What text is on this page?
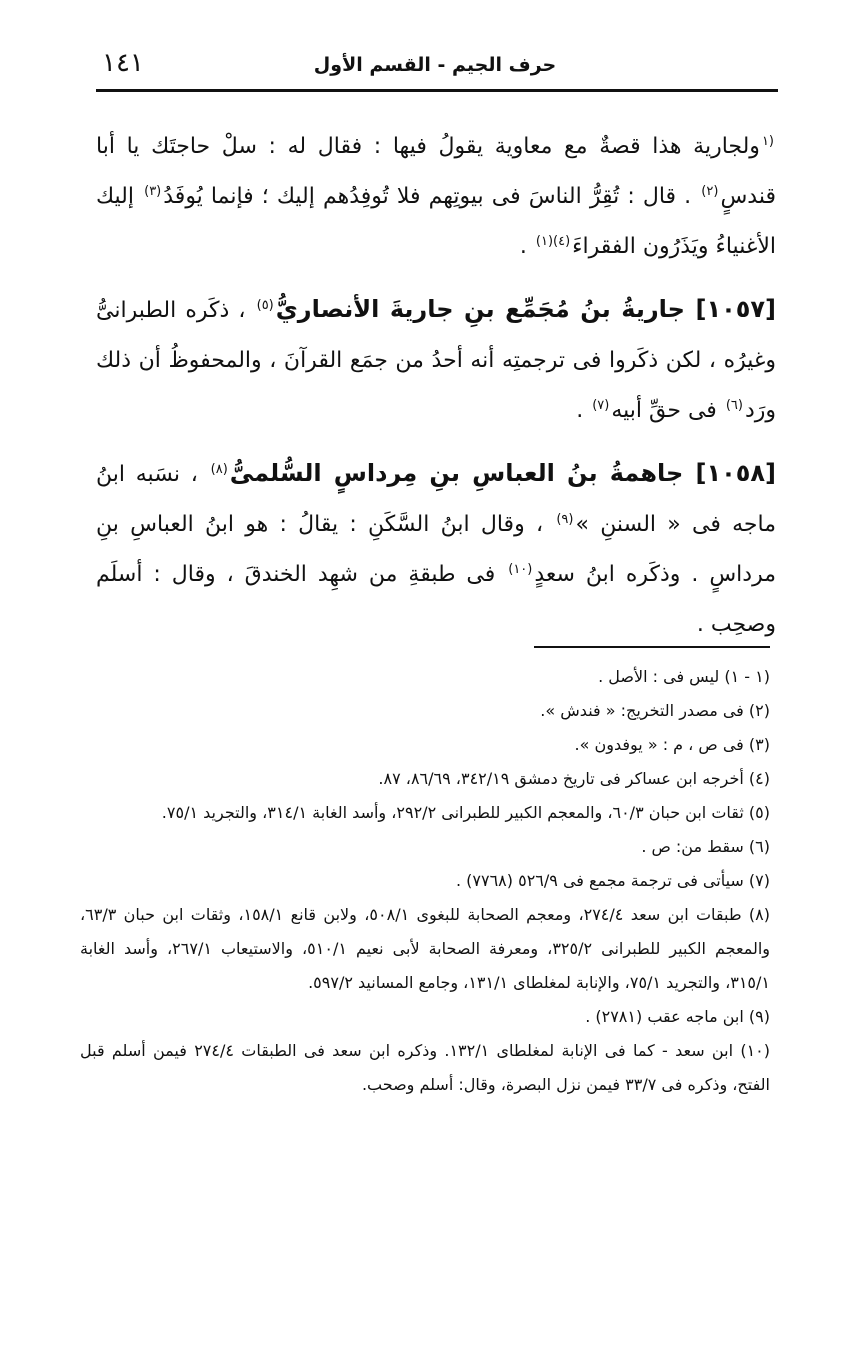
١٤١	حرف الجيم - القسم الأول

$^{(١}$ولجارية هذا قصةٌ مع معاوية يقولُ فيها : فقال له : سلْ حاجتَك يا أبا قندسٍ$^{(٢)}$ . قال : تُقِرُّ الناسَ فى بيوتِهم فلا تُوفِدُهم إليك ؛ فإنما يُوفَدُ$^{(٣)}$ إليك الأغنياءُ ويَذَرُون الفقراءَ$^{(٤)(١)}$ .

[١٠٥٧] جاريةُ بنُ مُجَمِّع بنِ جاريةَ الأنصاريُّ$^{(٥)}$ ، ذكَره الطبرانىُّ وغيرُه ، لكن ذكَروا فى ترجمتِه أنه أحدُ من جمَع القرآنَ ، والمحفوظُ أن ذلك ورَد$^{(٦)}$ فى حقِّ أبيه$^{(٧)}$ .

[١٠٥٨] جاهمةُ بنُ العباسِ بنِ مِرداسٍ السُّلمىُّ$^{(٨)}$ ، نسَبه ابنُ ماجه فى « السننِ »$^{(٩)}$ ، وقال ابنُ السَّكَنِ : يقالُ : هو ابنُ العباسِ بنِ مرداسٍ . وذكَره ابنُ سعدٍ$^{(١٠)}$ فى طبقةِ من شهِد الخندقَ ، وقال : أسلَم وصحِب .

(١ - ١) ليس فى : الأصل .

(٢) فى مصدر التخريج: « فندش ».

(٣) فى ص ، م : « يوفدون ».

(٤) أخرجه ابن عساكر فى تاريخ دمشق ٣٤٢/١٩، ٨٦/٦٩، ٨٧.

(٥) ثقات ابن حبان ٦٠/٣، والمعجم الكبير للطبرانى ٢٩٢/٢، وأسد الغابة ٣١٤/١، والتجريد ٧٥/١.

(٦) سقط من: ص .

(٧) سيأتى فى ترجمة مجمع فى ٥٢٦/٩ (٧٧٦٨) .

(٨) طبقات ابن سعد ٢٧٤/٤، ومعجم الصحابة للبغوى ٥٠٨/١، ولابن قانع ١٥٨/١، وثقات ابن حبان ٦٣/٣، والمعجم الكبير للطبرانى ٣٢٥/٢، ومعرفة الصحابة لأبى نعيم ٥١٠/١، والاستيعاب ٢٦٧/١، وأسد الغابة ٣١٥/١، والتجريد ٧٥/١، والإنابة لمغلطاى ١٣١/١، وجامع المسانيد ٥٩٧/٢.

(٩) ابن ماجه عقب (٢٧٨١) .

(١٠) ابن سعد - كما فى الإنابة لمغلطاى ١٣٢/١. وذكره ابن سعد فى الطبقات ٢٧٤/٤ فيمن أسلم قبل الفتح، وذكره فى ٣٣/٧ فيمن نزل البصرة، وقال: أسلم وصحب.
